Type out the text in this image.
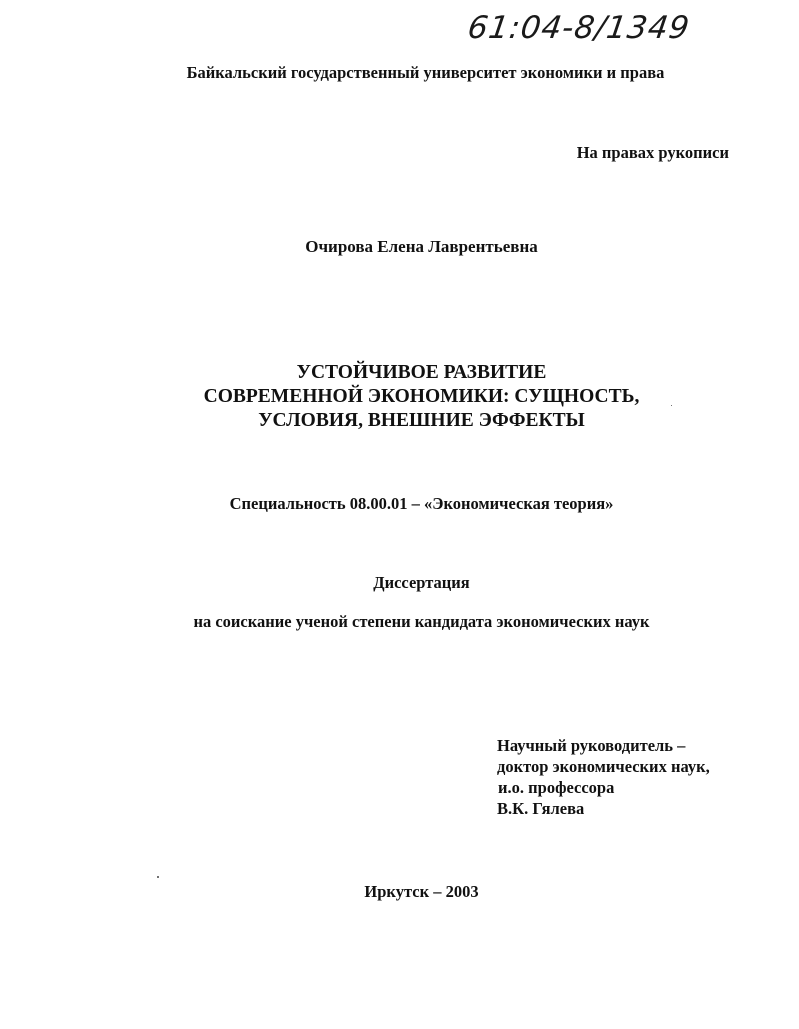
61:04-8/1349
Байкальский государственный университет экономики и права
На правах рукописи
Очирова Елена Лаврентьевна
УСТОЙЧИВОЕ РАЗВИТИЕ
СОВРЕМЕННОЙ ЭКОНОМИКИ: СУЩНОСТЬ,
УСЛОВИЯ, ВНЕШНИЕ ЭФФЕКТЫ
Специальность 08.00.01 – «Экономическая теория»
Диссертация
на соискание ученой степени кандидата экономических наук
Научный руководитель –
доктор экономических наук,
и.о. профессора
В.К. Гялева
Иркутск – 2003
